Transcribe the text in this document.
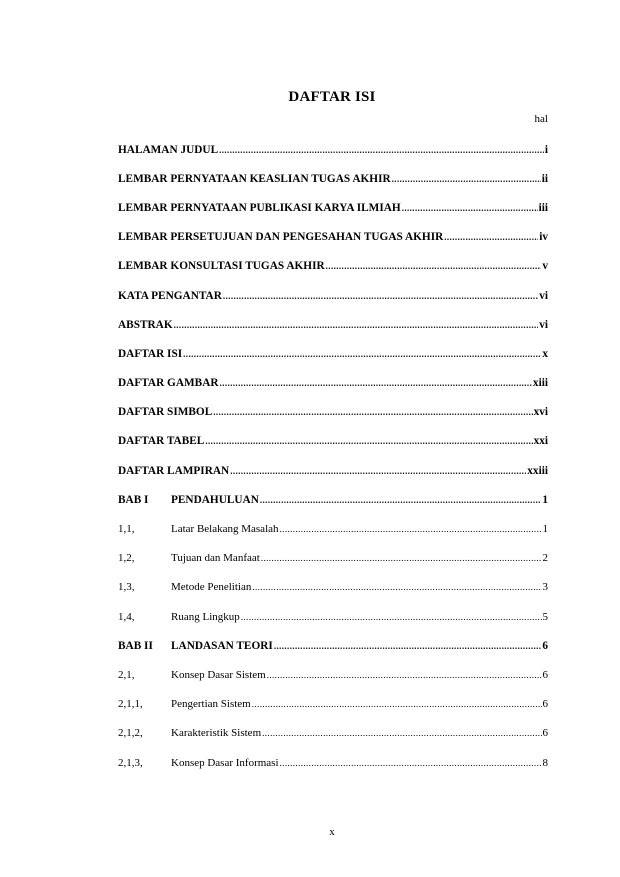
DAFTAR ISI
hal
HALAMAN JUDUL .....	i
LEMBAR PERNYATAAN KEASLIAN TUGAS AKHIR .....	ii
LEMBAR PERNYATAAN PUBLIKASI KARYA ILMIAH .....	iii
LEMBAR PERSETUJUAN DAN PENGESAHAN TUGAS AKHIR .....	iv
LEMBAR KONSULTASI TUGAS AKHIR .....	v
KATA PENGANTAR .....	vi
ABSTRAK .....	vi
DAFTAR ISI .....	x
DAFTAR GAMBAR .....	xiii
DAFTAR SIMBOL .....	xvi
DAFTAR TABEL .....	xxi
DAFTAR LAMPIRAN .....	xxiii
BAB I	PENDAHULUAN .....	1
1,1,	Latar Belakang Masalah .....	1
1,2,	Tujuan dan Manfaat .....	2
1,3,	Metode Penelitian .....	3
1,4,	Ruang Lingkup .....	5
BAB II	LANDASAN TEORI .....	6
2,1,	Konsep Dasar Sistem .....	6
2,1,1,	Pengertian Sistem .....	6
2,1,2,	Karakteristik Sistem .....	6
2,1,3,	Konsep Dasar Informasi .....	8
x
